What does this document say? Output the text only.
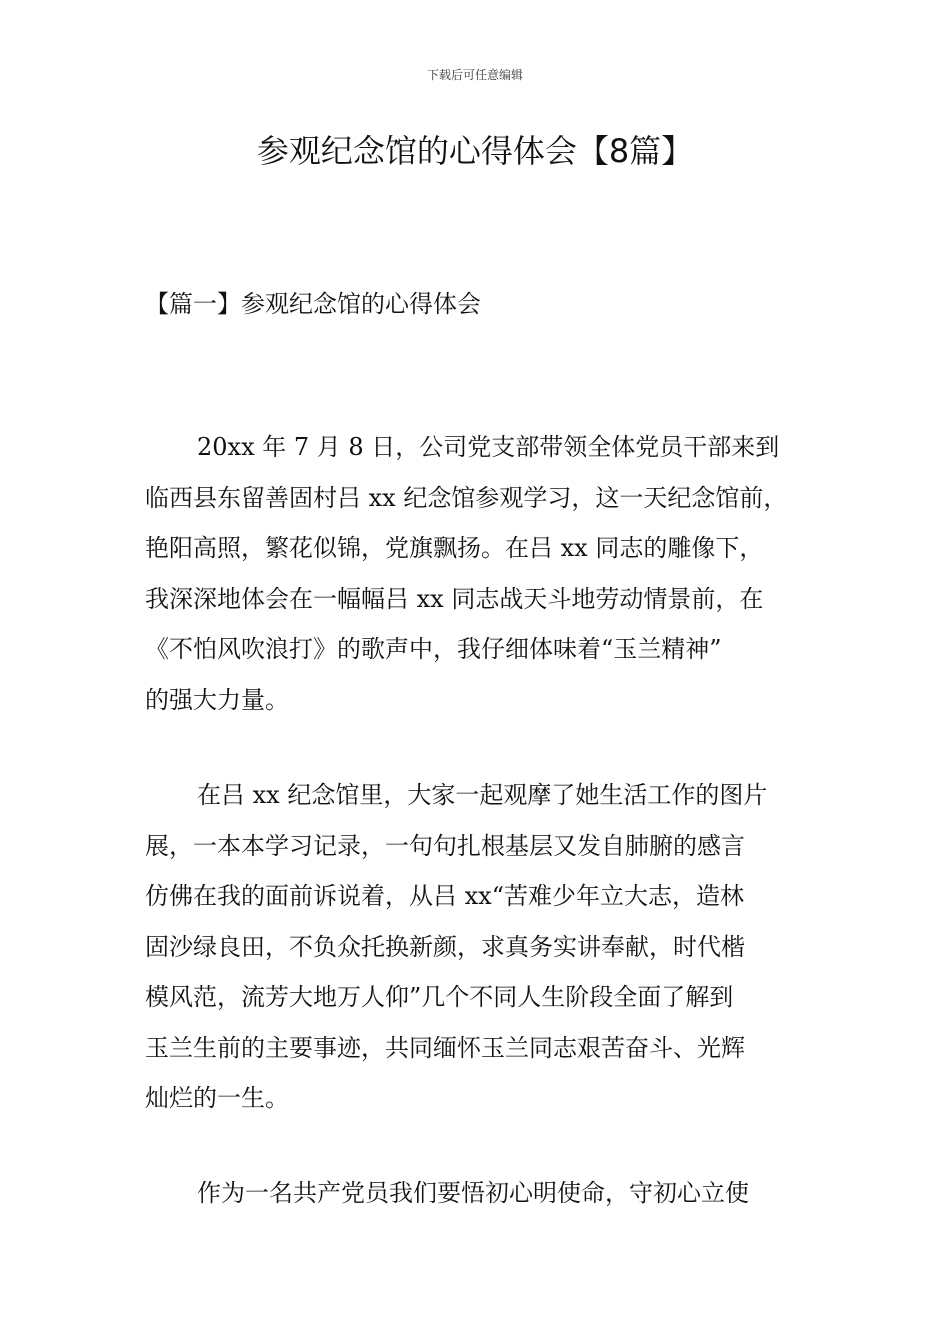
下载后可任意编辑
参观纪念馆的心得体会【8篇】
【篇一】参观纪念馆的心得体会
20xx 年 7 月 8 日，公司党支部带领全体党员干部来到
临西县东留善固村吕 xx 纪念馆参观学习，这一天纪念馆前，
艳阳高照，繁花似锦，党旗飘扬。在吕 xx 同志的雕像下，
我深深地体会在一幅幅吕 xx 同志战天斗地劳动情景前，在
《不怕风吹浪打》的歌声中，我仔细体味着“玉兰精神”
的强大力量。
在吕 xx 纪念馆里，大家一起观摩了她生活工作的图片
展，一本本学习记录，一句句扎根基层又发自肺腑的感言
仿佛在我的面前诉说着，从吕 xx“苦难少年立大志，造林
固沙绿良田，不负众托换新颜，求真务实讲奉献，时代楷
模风范，流芳大地万人仰”几个不同人生阶段全面了解到
玉兰生前的主要事迹，共同缅怀玉兰同志艰苦奋斗、光辉
灿烂的一生。
作为一名共产党员我们要悟初心明使命，守初心立使
